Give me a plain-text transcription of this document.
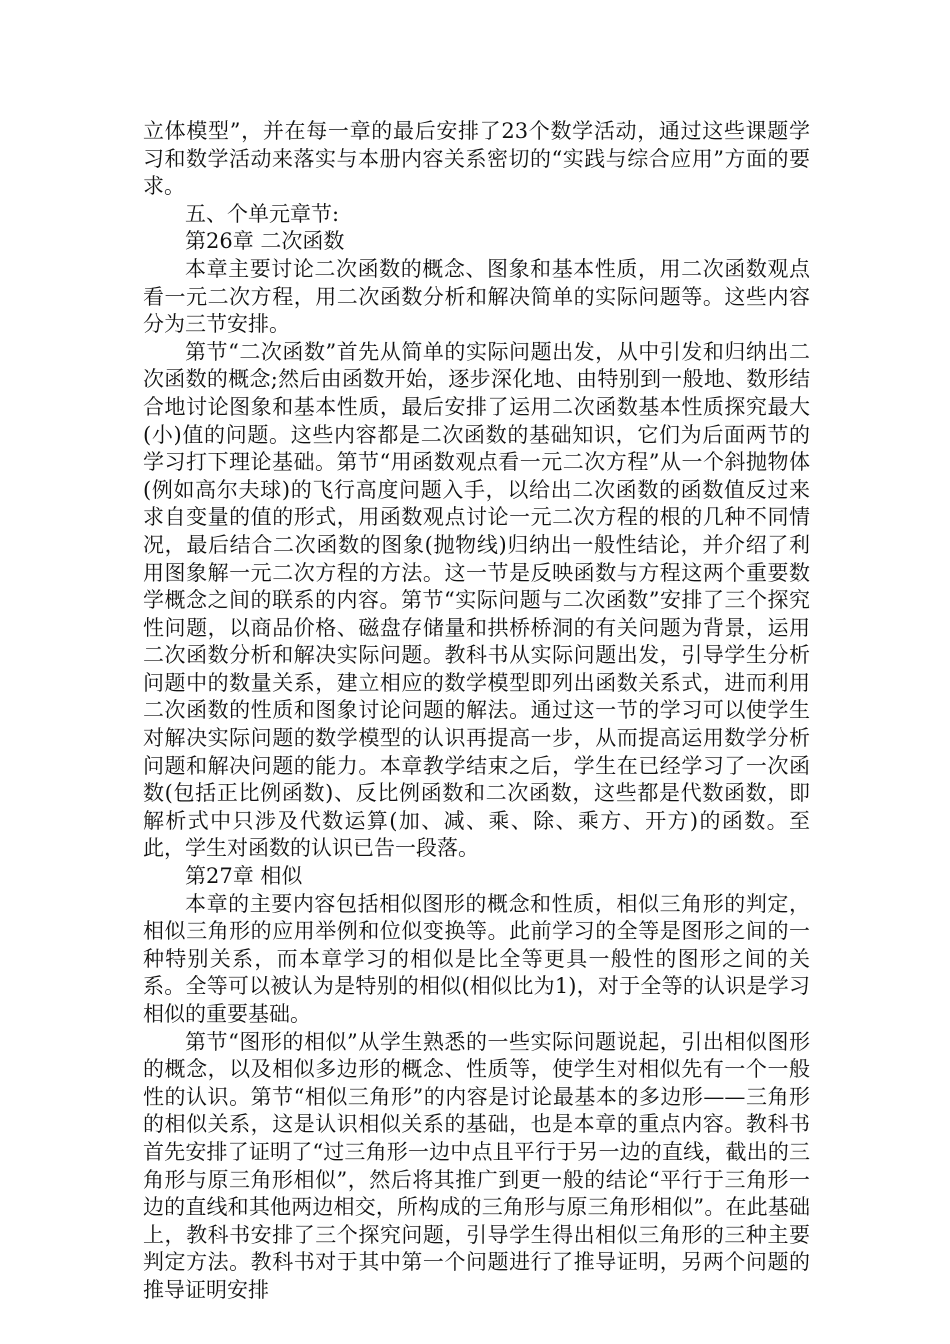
立体模型”，并在每一章的最后安排了23个数学活动，通过这些课题学习和数学活动来落实与本册内容关系密切的“实践与综合应用”方面的要求。

五、个单元章节:

第26章 二次函数

本章主要讨论二次函数的概念、图象和基本性质，用二次函数观点看一元二次方程，用二次函数分析和解决简单的实际问题等。这些内容分为三节安排。

第节“二次函数”首先从简单的实际问题出发，从中引发和归纳出二次函数的概念;然后由函数开始，逐步深化地、由特别到一般地、数形结合地讨论图象和基本性质，最后安排了运用二次函数基本性质探究最大(小)值的问题。这些内容都是二次函数的基础知识，它们为后面两节的学习打下理论基础。第节“用函数观点看一元二次方程”从一个斜抛物体(例如高尔夫球)的飞行高度问题入手，以给出二次函数的函数值反过来求自变量的值的形式，用函数观点讨论一元二次方程的根的几种不同情况，最后结合二次函数的图象(抛物线)归纳出一般性结论，并介绍了利用图象解一元二次方程的方法。这一节是反映函数与方程这两个重要数学概念之间的联系的内容。第节“实际问题与二次函数”安排了三个探究性问题，以商品价格、磁盘存储量和拱桥桥洞的有关问题为背景，运用二次函数分析和解决实际问题。教科书从实际问题出发，引导学生分析问题中的数量关系，建立相应的数学模型即列出函数关系式，进而利用二次函数的性质和图象讨论问题的解法。通过这一节的学习可以使学生对解决实际问题的数学模型的认识再提高一步，从而提高运用数学分析问题和解决问题的能力。本章教学结束之后，学生在已经学习了一次函数(包括正比例函数)、反比例函数和二次函数，这些都是代数函数，即解析式中只涉及代数运算(加、减、乘、除、乘方、开方)的函数。至此，学生对函数的认识已告一段落。

第27章 相似

本章的主要内容包括相似图形的概念和性质，相似三角形的判定，相似三角形的应用举例和位似变换等。此前学习的全等是图形之间的一种特别关系，而本章学习的相似是比全等更具一般性的图形之间的关系。全等可以被认为是特别的相似(相似比为1)，对于全等的认识是学习相似的重要基础。

第节“图形的相似”从学生熟悉的一些实际问题说起，引出相似图形的概念，以及相似多边形的概念、性质等，使学生对相似先有一个一般性的认识。第节“相似三角形”的内容是讨论最基本的多边形——三角形的相似关系，这是认识相似关系的基础，也是本章的重点内容。教科书首先安排了证明了“过三角形一边中点且平行于另一边的直线，截出的三角形与原三角形相似”，然后将其推广到更一般的结论“平行于三角形一边的直线和其他两边相交，所构成的三角形与原三角形相似”。在此基础上，教科书安排了三个探究问题，引导学生得出相似三角形的三种主要判定方法。教科书对于其中第一个问题进行了推导证明，另两个问题的推导证明安排
